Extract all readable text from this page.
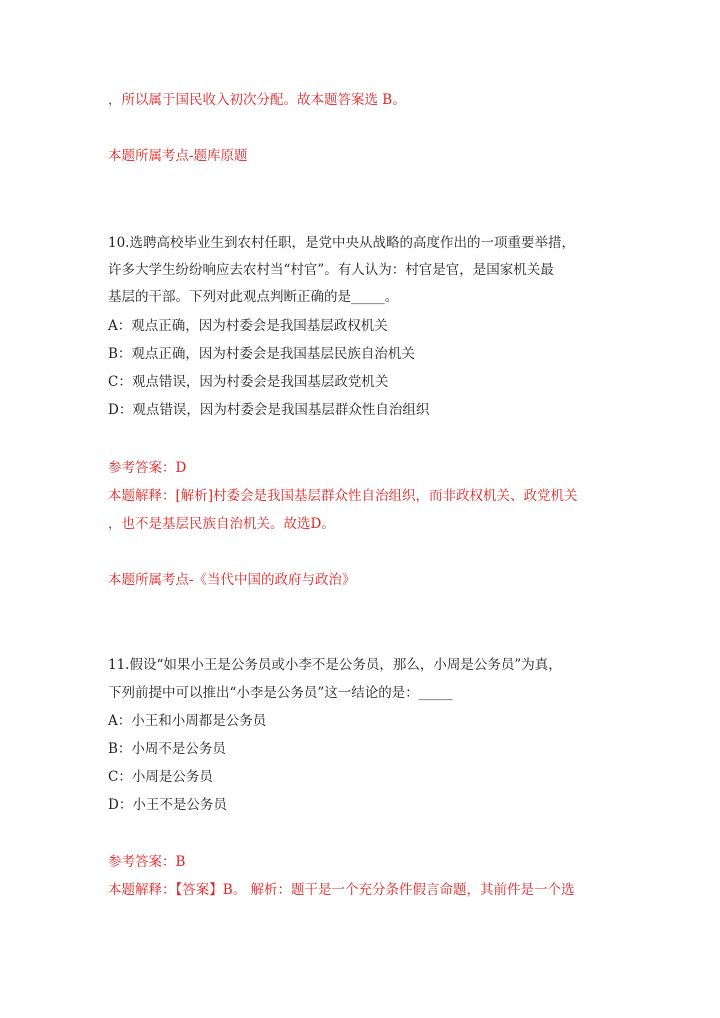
，所以属于国民收入初次分配。故本题答案选 B。
本题所属考点-题库原题
10.选聘高校毕业生到农村任职，是党中央从战略的高度作出的一项重要举措，
许多大学生纷纷响应去农村当“村官”。有人认为：村官是官，是国家机关最
基层的干部。下列对此观点判断正确的是_____。
A：观点正确，因为村委会是我国基层政权机关
B：观点正确，因为村委会是我国基层民族自治机关
C：观点错误，因为村委会是我国基层政党机关
D：观点错误，因为村委会是我国基层群众性自治组织
参考答案：D
本题解释：[解析]村委会是我国基层群众性自治组织，而非政权机关、政党机关
，也不是基层民族自治机关。故选D。
本题所属考点-《当代中国的政府与政治》
11.假设“如果小王是公务员或小李不是公务员，那么，小周是公务员”为真，
下列前提中可以推出“小李是公务员”这一结论的是：_____
A：小王和小周都是公务员
B：小周不是公务员
C：小周是公务员
D：小王不是公务员
参考答案：B
本题解释：【答案】B。 解析：题干是一个充分条件假言命题，其前件是一个选
